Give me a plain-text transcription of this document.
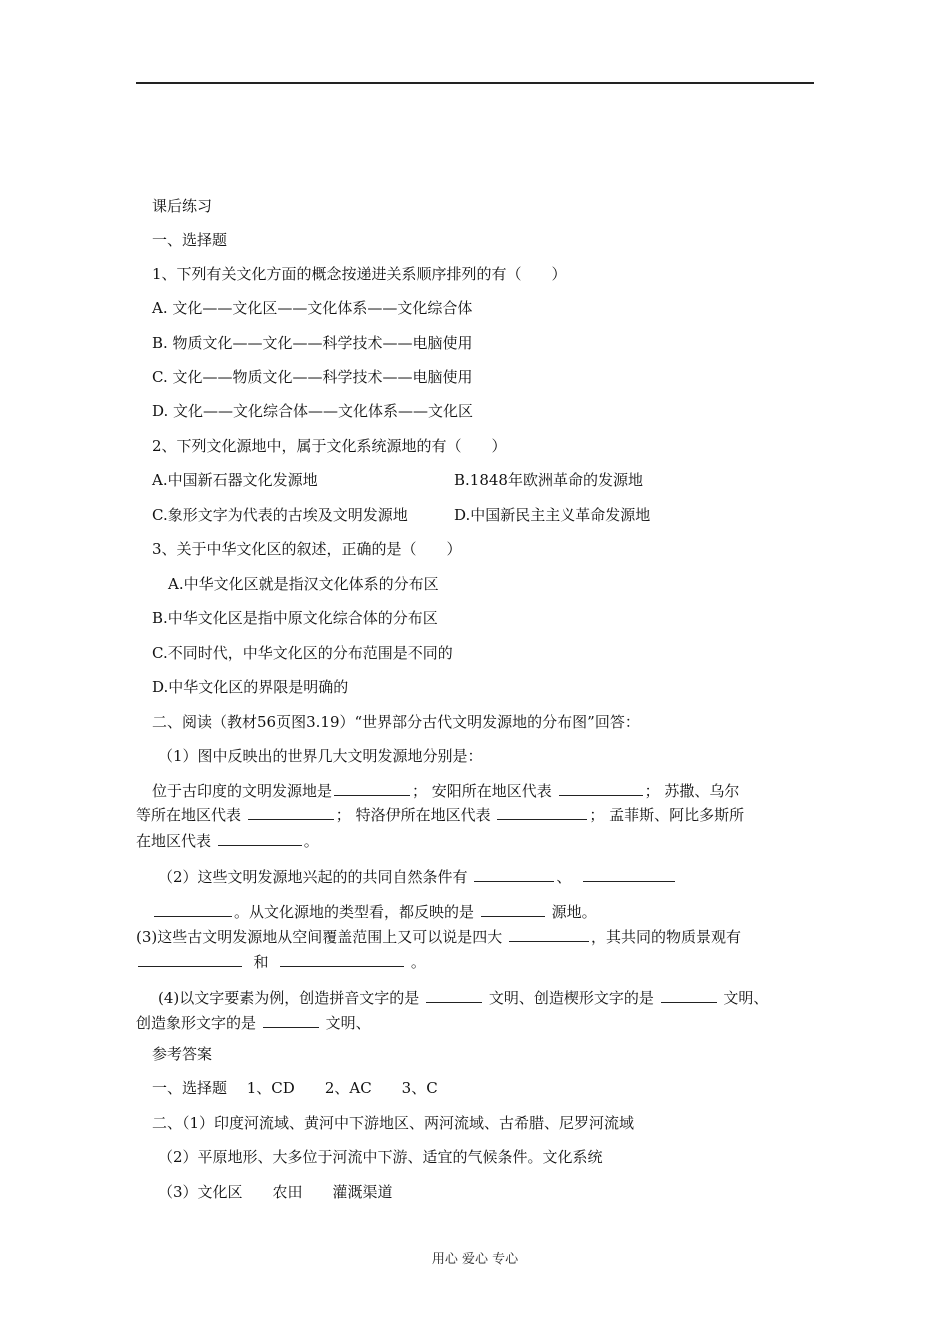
课后练习
一、选择题
1、下列有关文化方面的概念按递进关系顺序排列的有（　　）
A. 文化——文化区——文化体系——文化综合体
B. 物质文化——文化——科学技术——电脑使用
C. 文化——物质文化——科学技术——电脑使用
D. 文化——文化综合体——文化体系——文化区
2、下列文化源地中，属于文化系统源地的有（　　）
A.中国新石器文化发源地	B.1848年欧洲革命的发源地
C.象形文字为代表的古埃及文明发源地	D.中国新民主主义革命发源地
3、关于中华文化区的叙述，正确的是（　　）
A.中华文化区就是指汉文化体系的分布区
B.中华文化区是指中原文化综合体的分布区
C.不同时代，中华文化区的分布范围是不同的
D.中华文化区的界限是明确的
二、阅读（教材56页图3.19）“世界部分古代文明发源地的分布图”回答：
（1）图中反映出的世界几大文明发源地分别是：
位于古印度的文明发源地是	； 安阳所在地区代表	； 苏撒、乌尔
等所在地区代表	； 特洛伊所在地区代表	； 孟菲斯、阿比多斯所
在地区代表	。
（2）这些文明发源地兴起的的共同自然条件有	、
。从文化源地的类型看，都反映的是	源地。
(3)这些古文明发源地从空间覆盖范围上又可以说是四大	，其共同的物质景观有
和	。
(4)以文字要素为例，创造拼音文字的是	文明、创造楔形文字的是	文明、
创造象形文字的是	文明、
参考答案
一、选择题　 1、CD　　2、AC　　3、C
二、（1）印度河流域、黄河中下游地区、两河流域、古希腊、尼罗河流域
（2）平原地形、大多位于河流中下游、适宜的气候条件。文化系统
（3）文化区　　农田　　灌溉渠道
用心 爱心 专心
